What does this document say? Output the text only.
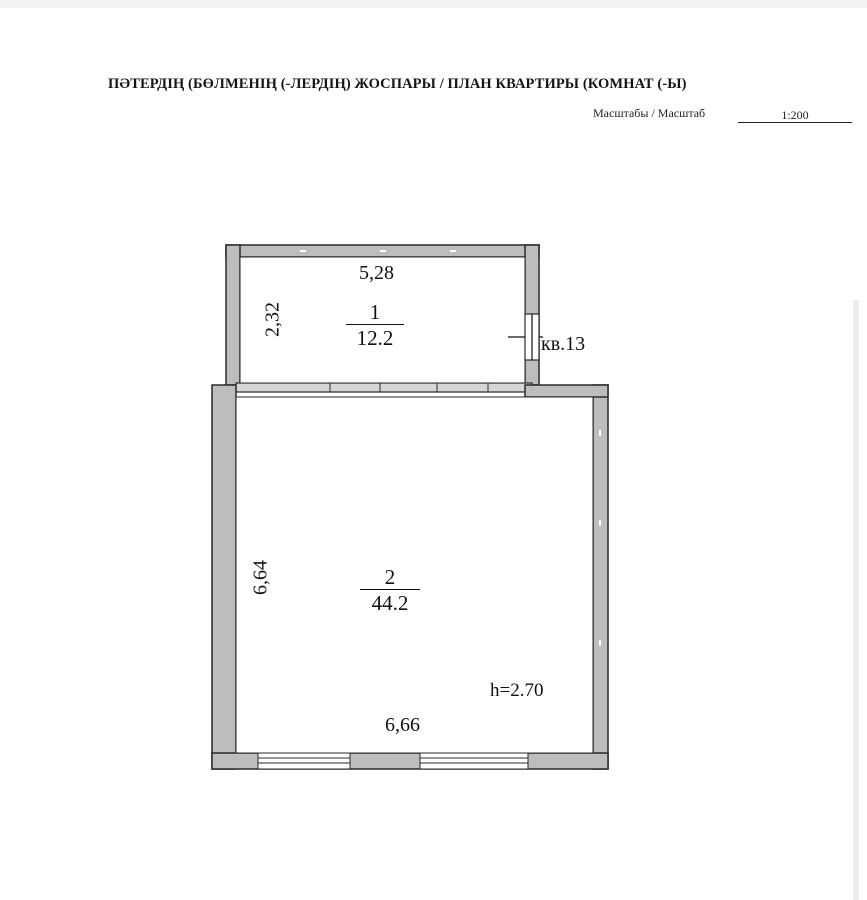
ПӘТЕРДІҢ (БӨЛМЕНІҢ (-ЛЕРДІҢ) ЖОСПАРЫ / ПЛАН КВАРТИРЫ (КОМНАТ (-Ы)
Масштабы / Масштаб	1:200
5,28
2,32	1
12.2	кв.13
6,64	2
44.2
h=2.70
6,66
